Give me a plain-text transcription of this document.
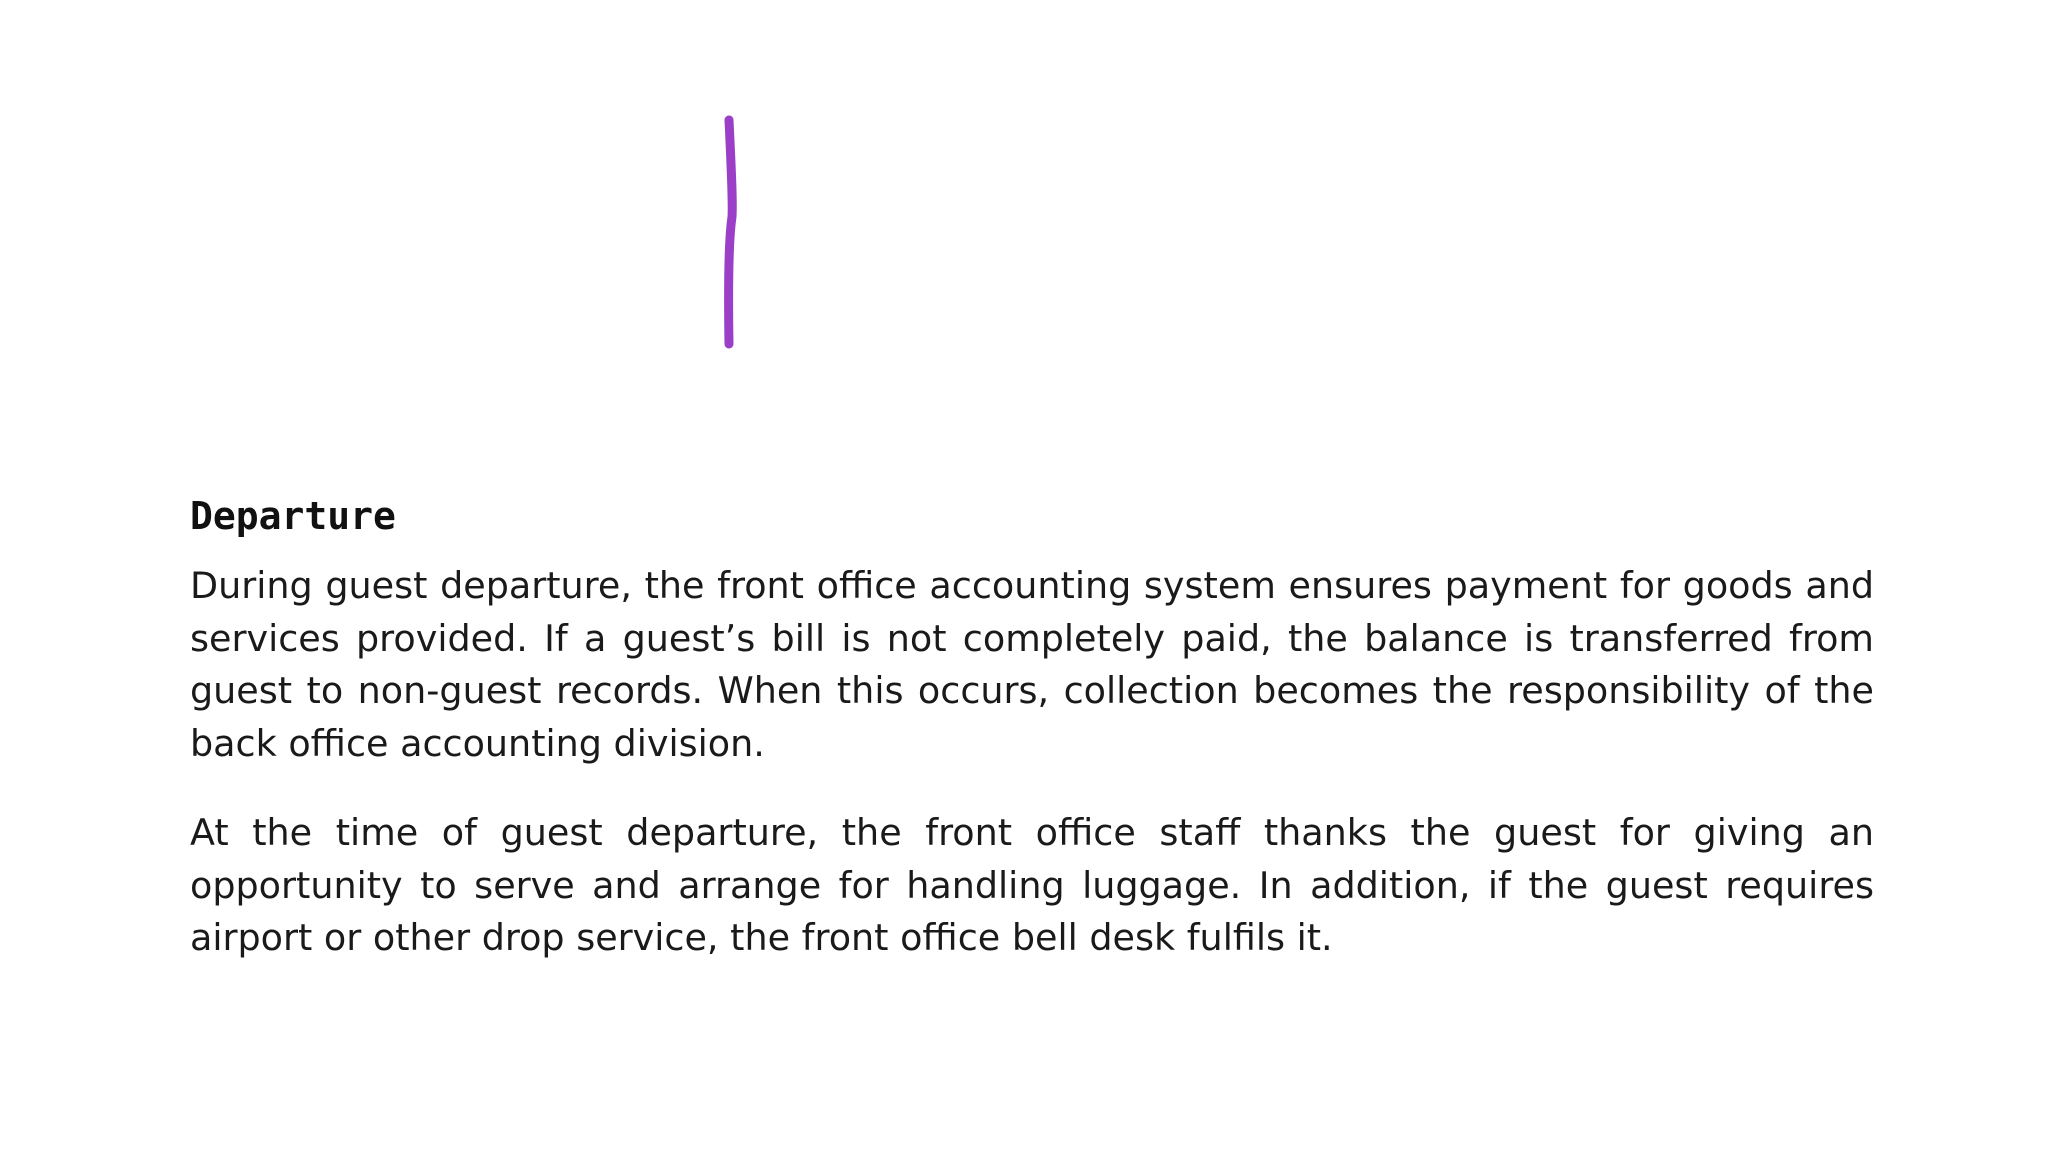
Departure

During guest departure, the front office accounting system ensures payment for goods and services provided. If a guest’s bill is not completely paid, the balance is transferred from guest to non-guest records. When this occurs, collection becomes the responsibility of the back office accounting division.

At the time of guest departure, the front office staff thanks the guest for giving an opportunity to serve and arrange for handling luggage. In addition, if the guest requires airport or other drop service, the front office bell desk fulfils it.
